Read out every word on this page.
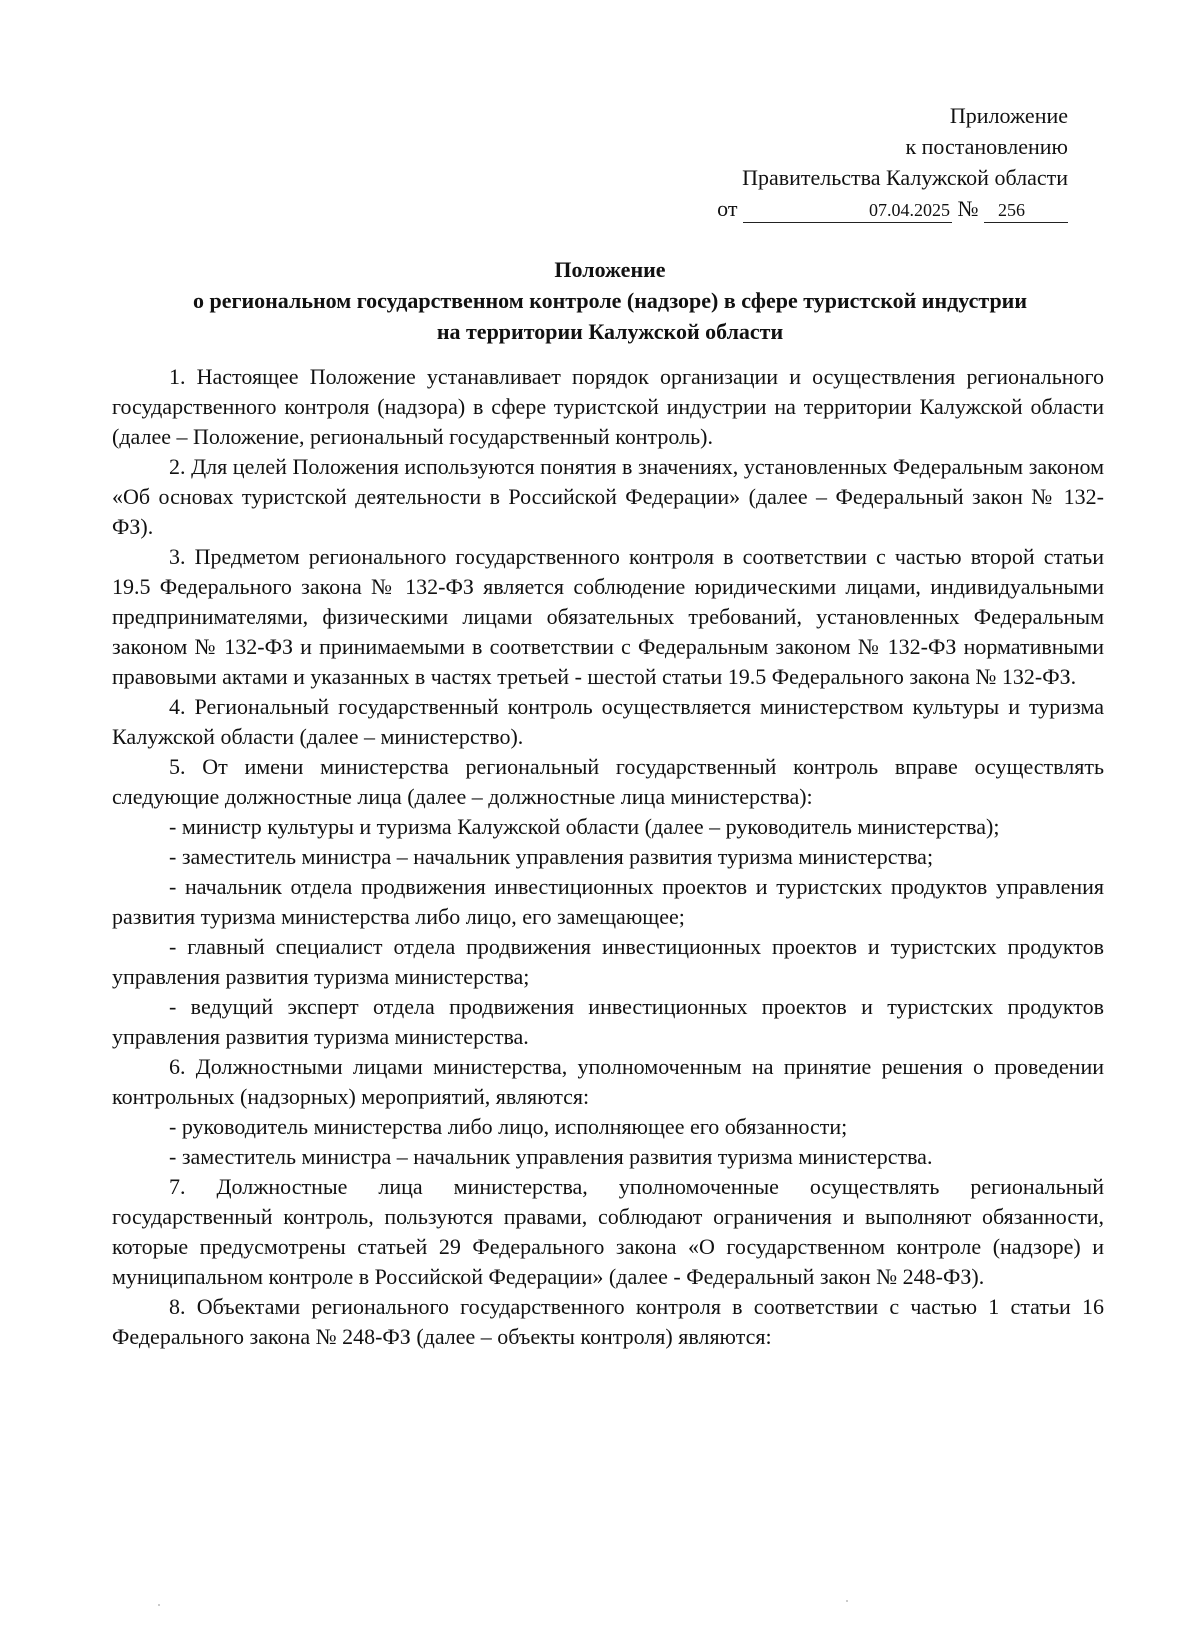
Приложение
к постановлению
Правительства Калужской области
от	07.04.2025 № 256
Положение
о региональном государственном контроле (надзоре) в сфере туристской индустрии
на территории Калужской области

1. Настоящее Положение устанавливает порядок организации и осуществления регионального государственного контроля (надзора) в сфере туристской индустрии на территории Калужской области (далее – Положение, региональный государственный контроль).

2. Для целей Положения используются понятия в значениях, установленных Федеральным законом «Об основах туристской деятельности в Российской Федерации» (далее – Федеральный закон № 132-ФЗ).

3. Предметом регионального государственного контроля в соответствии с частью второй статьи 19.5 Федерального закона № 132-ФЗ является соблюдение юридическими лицами, индивидуальными предпринимателями, физическими лицами обязательных требований, установленных Федеральным законом № 132-ФЗ и принимаемыми в соответствии с Федеральным законом № 132-ФЗ нормативными правовыми актами и указанных в частях третьей - шестой статьи 19.5 Федерального закона № 132-ФЗ.

4. Региональный государственный контроль осуществляется министерством культуры и туризма Калужской области (далее – министерство).

5. От имени министерства региональный государственный контроль вправе осуществлять следующие должностные лица (далее – должностные лица министерства):

- министр культуры и туризма Калужской области (далее – руководитель министерства);

- заместитель министра – начальник управления развития туризма министерства;

- начальник отдела продвижения инвестиционных проектов и туристских продуктов управления развития туризма министерства либо лицо, его замещающее;

- главный специалист отдела продвижения инвестиционных проектов и туристских продуктов управления развития туризма министерства;

- ведущий эксперт отдела продвижения инвестиционных проектов и туристских продуктов управления развития туризма министерства.

6. Должностными лицами министерства, уполномоченным на принятие решения о проведении контрольных (надзорных) мероприятий, являются:

- руководитель министерства либо лицо, исполняющее его обязанности;

- заместитель министра – начальник управления развития туризма министерства.

7. Должностные лица министерства, уполномоченные осуществлять региональный государственный контроль, пользуются правами, соблюдают ограничения и выполняют обязанности, которые предусмотрены статьей 29 Федерального закона «О государственном контроле (надзоре) и муниципальном контроле в Российской Федерации» (далее - Федеральный закон № 248-ФЗ).

8. Объектами регионального государственного контроля в соответствии с частью 1 статьи 16 Федерального закона № 248-ФЗ (далее – объекты контроля) являются:
